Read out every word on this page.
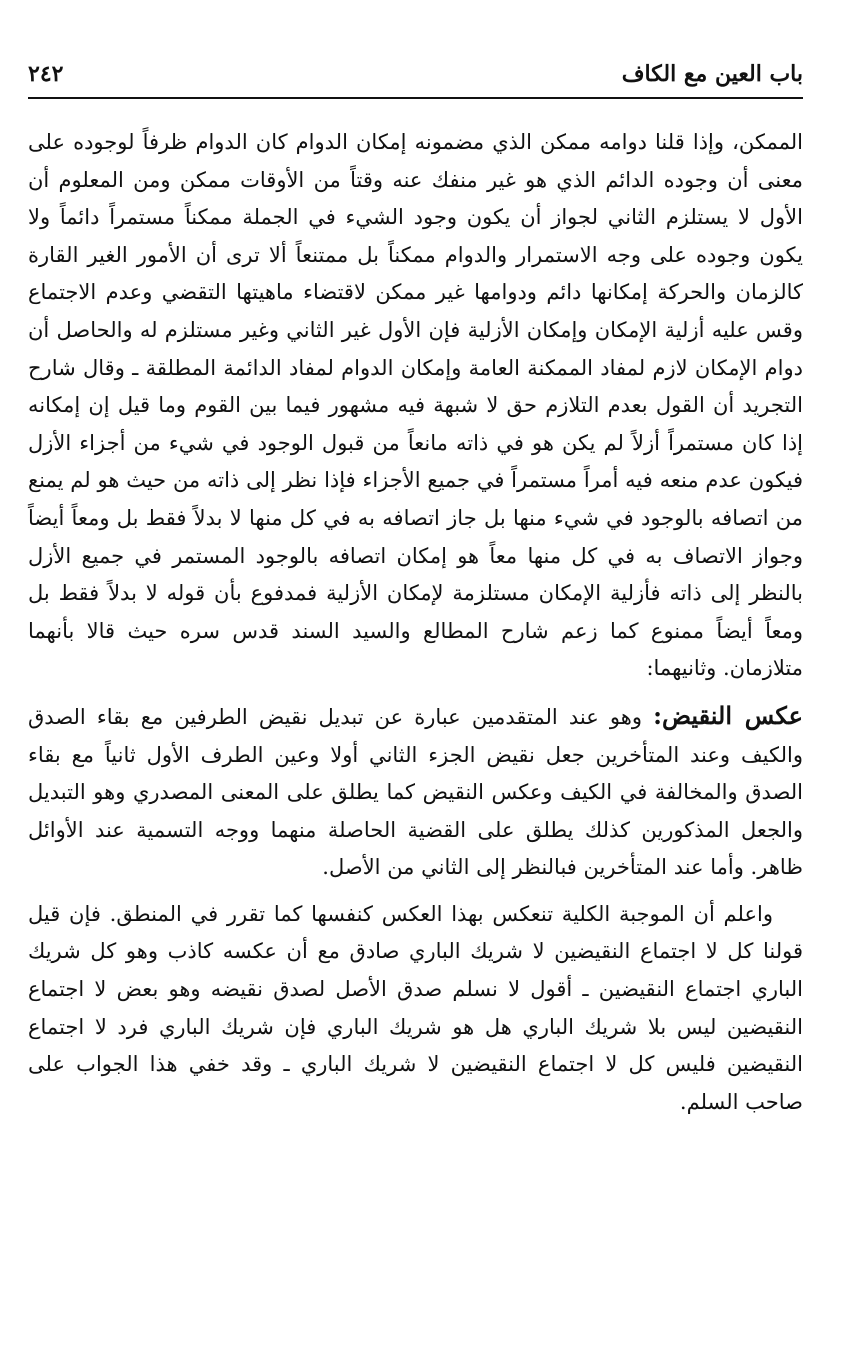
باب العين مع الكاف
٢٤٢

الممكن، وإذا قلنا دوامه ممكن الذي مضمونه إمكان الدوام كان الدوام ظرفاً لوجوده على معنى أن وجوده الدائم الذي هو غير منفك عنه وقتاً من الأوقات ممكن ومن المعلوم أن الأول لا يستلزم الثاني لجواز أن يكون وجود الشيء في الجملة ممكناً مستمراً دائماً ولا يكون وجوده على وجه الاستمرار والدوام ممكناً بل ممتنعاً ألا ترى أن الأمور الغير القارة كالزمان والحركة إمكانها دائم ودوامها غير ممكن لاقتضاء ماهيتها التقضي وعدم الاجتماع وقس عليه أزلية الإمكان وإمكان الأزلية فإن الأول غير الثاني وغير مستلزم له والحاصل أن دوام الإمكان لازم لمفاد الممكنة العامة وإمكان الدوام لمفاد الدائمة المطلقة ـ وقال شارح التجريد أن القول بعدم التلازم حق لا شبهة فيه مشهور فيما بين القوم وما قيل إن إمكانه إذا كان مستمراً أزلاً لم يكن هو في ذاته مانعاً من قبول الوجود في شيء من أجزاء الأزل فيكون عدم منعه فيه أمراً مستمراً في جميع الأجزاء فإذا نظر إلى ذاته من حيث هو لم يمنع من اتصافه بالوجود في شيء منها بل جاز اتصافه به في كل منها لا بدلاً فقط بل ومعاً أيضاً وجواز الاتصاف به في كل منها معاً هو إمكان اتصافه بالوجود المستمر في جميع الأزل بالنظر إلى ذاته فأزلية الإمكان مستلزمة لإمكان الأزلية فمدفوع بأن قوله لا بدلاً فقط بل ومعاً أيضاً ممنوع كما زعم شارح المطالع والسيد السند قدس سره حيث قالا بأنهما متلازمان. وثانيهما:

عكس النقيض: وهو عند المتقدمين عبارة عن تبديل نقيض الطرفين مع بقاء الصدق والكيف وعند المتأخرين جعل نقيض الجزء الثاني أولا وعين الطرف الأول ثانياً مع بقاء الصدق والمخالفة في الكيف وعكس النقيض كما يطلق على المعنى المصدري وهو التبديل والجعل المذكورين كذلك يطلق على القضية الحاصلة منهما ووجه التسمية عند الأوائل ظاهر. وأما عند المتأخرين فبالنظر إلى الثاني من الأصل.

واعلم أن الموجبة الكلية تنعكس بهذا العكس كنفسها كما تقرر في المنطق. فإن قيل قولنا كل لا اجتماع النقيضين لا شريك الباري صادق مع أن عكسه كاذب وهو كل شريك الباري اجتماع النقيضين ـ أقول لا نسلم صدق الأصل لصدق نقيضه وهو بعض لا اجتماع النقيضين ليس بلا شريك الباري هل هو شريك الباري فإن شريك الباري فرد لا اجتماع النقيضين فليس كل لا اجتماع النقيضين لا شريك الباري ـ وقد خفي هذا الجواب على صاحب السلم.
